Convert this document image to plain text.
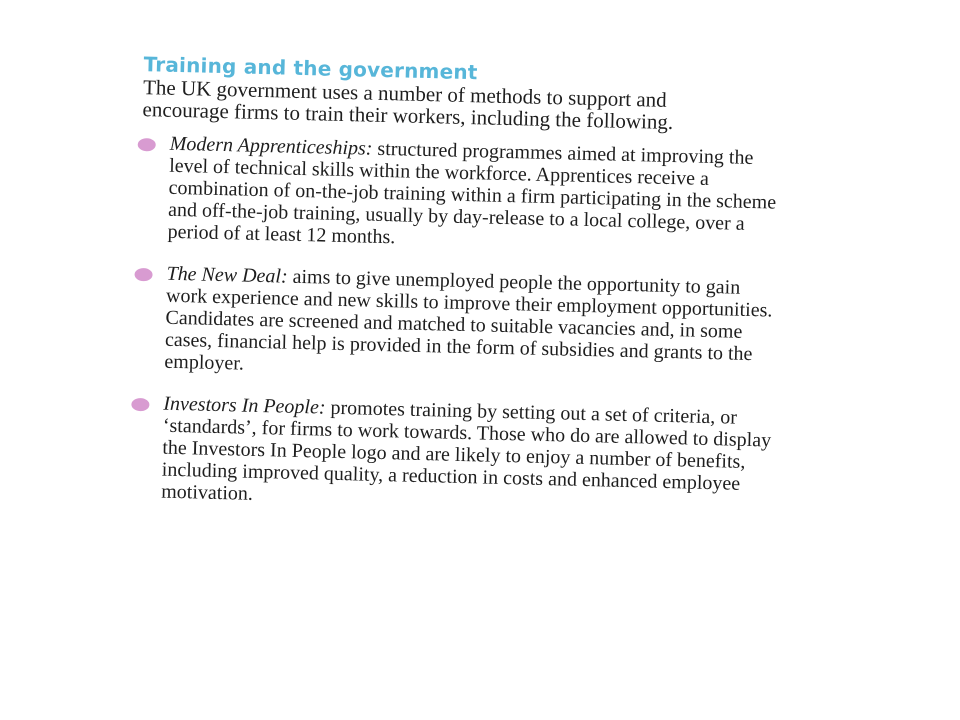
Training and the government
The UK government uses a number of methods to support and encourage firms to train their workers, including the following.
Modern Apprenticeships: structured programmes aimed at improving the level of technical skills within the workforce. Apprentices receive a combination of on-the-job training within a firm participating in the scheme and off-the-job training, usually by day-release to a local college, over a period of at least 12 months.
The New Deal: aims to give unemployed people the opportunity to gain work experience and new skills to improve their employment opportunities. Candidates are screened and matched to suitable vacancies and, in some cases, financial help is provided in the form of subsidies and grants to the employer.
Investors In People: promotes training by setting out a set of criteria, or ‘standards’, for firms to work towards. Those who do are allowed to display the Investors In People logo and are likely to enjoy a number of benefits, including improved quality, a reduction in costs and enhanced employee motivation.
